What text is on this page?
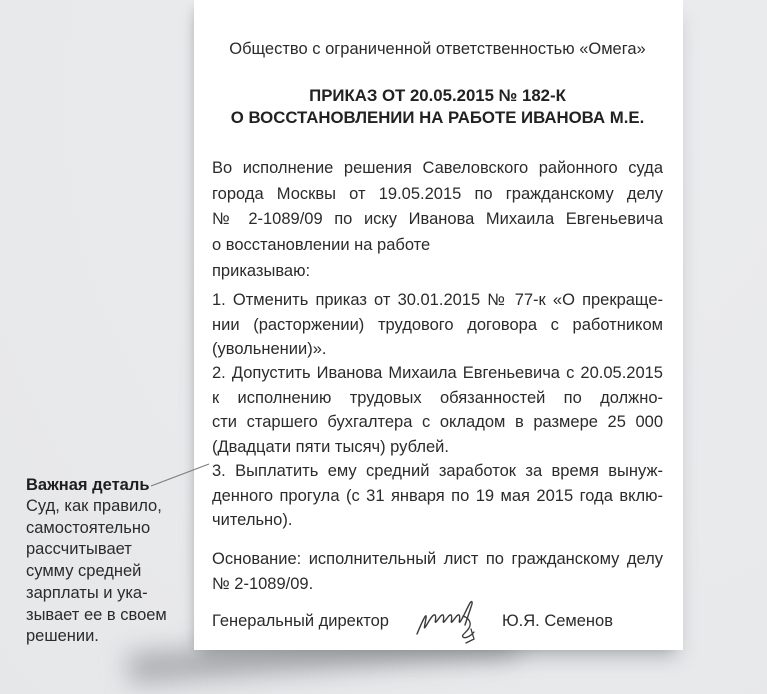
Общество с ограниченной ответственностью «Омега»
ПРИКАЗ ОТ 20.05.2015 № 182-К
О ВОССТАНОВЛЕНИИ НА РАБОТЕ ИВАНОВА М.Е.
Во исполнение решения Савеловского районного суда
города Москвы от 19.05.2015 по гражданскому делу
№ 2-1089/09 по иску Иванова Михаила Евгеньевича
о восстановлении на работе
приказываю:
1. Отменить приказ от 30.01.2015 № 77-к «О прекраще-
нии (расторжении) трудового договора с работником
(увольнении)».
2. Допустить Иванова Михаила Евгеньевича с 20.05.2015
к исполнению трудовых обязанностей по должно-
сти старшего бухгалтера с окладом в размере 25 000
(Двадцати пяти тысяч) рублей.
3. Выплатить ему средний заработок за время вынуж-
денного прогула (с 31 января по 19 мая 2015 года вклю-
чительно).
Основание: исполнительный лист по гражданскому делу
№ 2-1089/09.
Генеральный директор	Ю.Я. Семенов
Важная деталь
Суд, как правило,
самостоятельно
рассчитывает
сумму средней
зарплаты и ука-
зывает ее в своем
решении.
